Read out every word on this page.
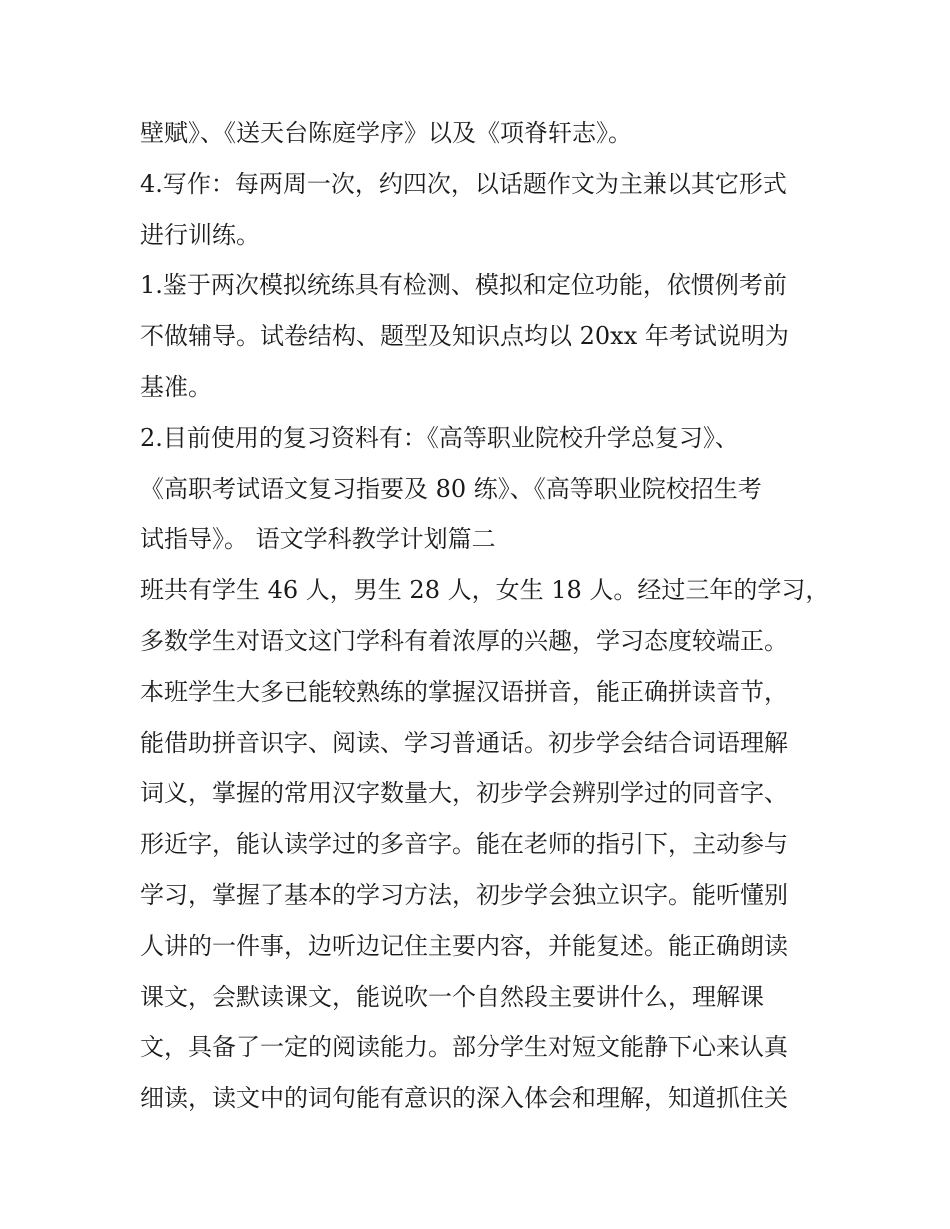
壁赋》、《送天台陈庭学序》以及《项脊轩志》。
4.写作：每两周一次，约四次，以话题作文为主兼以其它形式
进行训练。
1.鉴于两次模拟统练具有检测、模拟和定位功能，依惯例考前
不做辅导。试卷结构、题型及知识点均以 20xx 年考试说明为
基准。
2.目前使用的复习资料有：《高等职业院校升学总复习》、
《高职考试语文复习指要及 80 练》、《高等职业院校招生考
试指导》。 语文学科教学计划篇二
班共有学生 46 人，男生 28 人，女生 18 人。经过三年的学习，
多数学生对语文这门学科有着浓厚的兴趣，学习态度较端正。
本班学生大多已能较熟练的掌握汉语拼音，能正确拼读音节，
能借助拼音识字、阅读、学习普通话。初步学会结合词语理解
词义，掌握的常用汉字数量大，初步学会辨别学过的同音字、
形近字，能认读学过的多音字。能在老师的指引下，主动参与
学习，掌握了基本的学习方法，初步学会独立识字。能听懂别
人讲的一件事，边听边记住主要内容，并能复述。能正确朗读
课文，会默读课文，能说吹一个自然段主要讲什么，理解课
文，具备了一定的阅读能力。部分学生对短文能静下心来认真
细读，读文中的词句能有意识的深入体会和理解，知道抓住关
